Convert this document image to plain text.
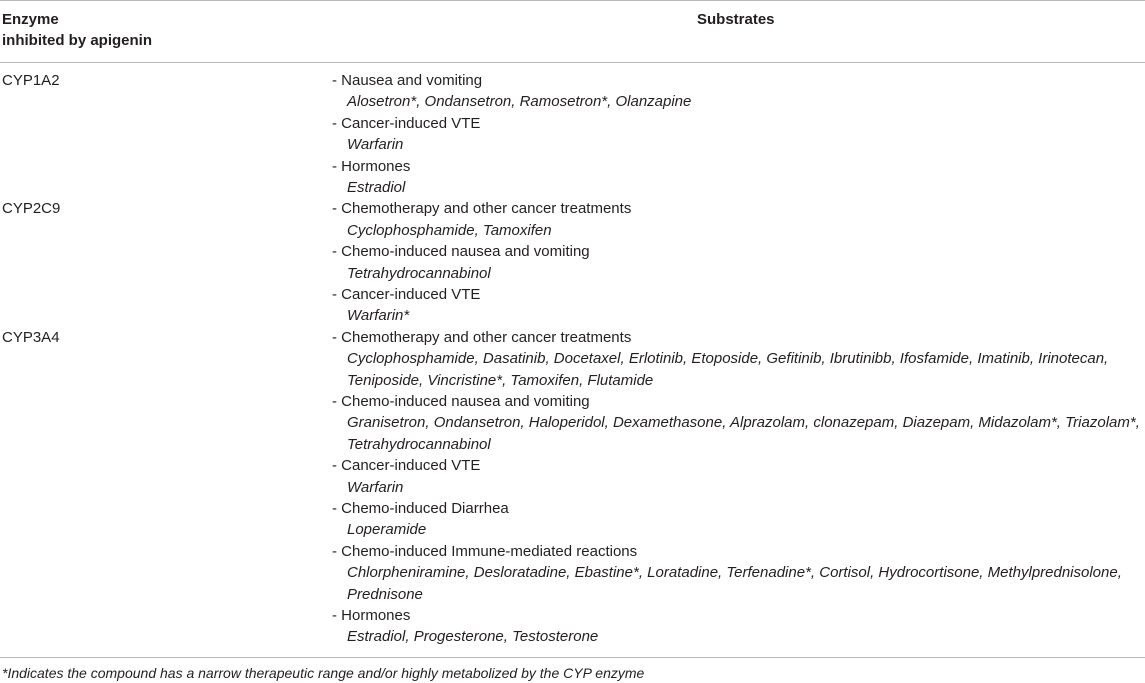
Enzyme
inhibited by apigenin
Substrates
CYP1A2	- Nausea and vomiting
Alosetron*, Ondansetron, Ramosetron*, Olanzapine
- Cancer-induced VTE
Warfarin
- Hormones
Estradiol
CYP2C9	- Chemotherapy and other cancer treatments
Cyclophosphamide, Tamoxifen
- Chemo-induced nausea and vomiting
Tetrahydrocannabinol
- Cancer-induced VTE
Warfarin*
CYP3A4	- Chemotherapy and other cancer treatments
Cyclophosphamide, Dasatinib, Docetaxel, Erlotinib, Etoposide, Gefitinib, Ibrutinibb, Ifosfamide, Imatinib, Irinotecan,
Teniposide, Vincristine*, Tamoxifen, Flutamide
- Chemo-induced nausea and vomiting
Granisetron, Ondansetron, Haloperidol, Dexamethasone, Alprazolam, clonazepam, Diazepam, Midazolam*, Triazolam*,
Tetrahydrocannabinol
- Cancer-induced VTE
Warfarin
- Chemo-induced Diarrhea
Loperamide
- Chemo-induced Immune-mediated reactions
Chlorpheniramine, Desloratadine, Ebastine*, Loratadine, Terfenadine*, Cortisol, Hydrocortisone, Methylprednisolone,
Prednisone
- Hormones
Estradiol, Progesterone, Testosterone
*Indicates the compound has a narrow therapeutic range and/or highly metabolized by the CYP enzyme
